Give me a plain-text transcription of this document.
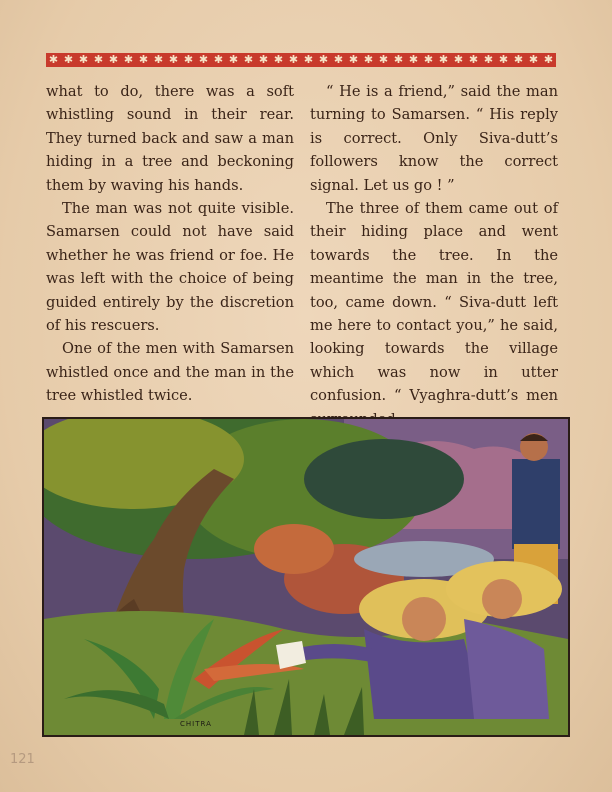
✱ ✱ ✱ ✱ ✱ ✱ ✱ ✱ ✱ ✱ ✱ ✱ ✱ ✱ ✱ ✱ ✱ ✱ ✱ ✱ ✱ ✱ ✱ ✱ ✱ ✱ ✱ ✱ ✱ ✱ ✱ ✱ ✱ ✱

what to do, there was a soft whistling sound in their rear. They turned back and saw a man hiding in a tree and beckoning them by waving his hands.

The man was not quite visible. Samarsen could not have said whether he was friend or foe. He was left with the choice of being guided entirely by the discretion of his rescuers.

One of the men with Samarsen whistled once and the man in the tree whistled twice.

“ He is a friend,” said the man turning to Samarsen. “ His reply is correct. Only Siva-dutt’s followers know the correct signal. Let us go ! ”

The three of them came out of their hiding place and went towards the tree. In the meantime the man in the tree, too, came down. “ Siva-dutt left me here to contact you,” he said, looking towards the village which was now in utter confusion. “ Vyaghra-dutt’s men

CHITRA
121
